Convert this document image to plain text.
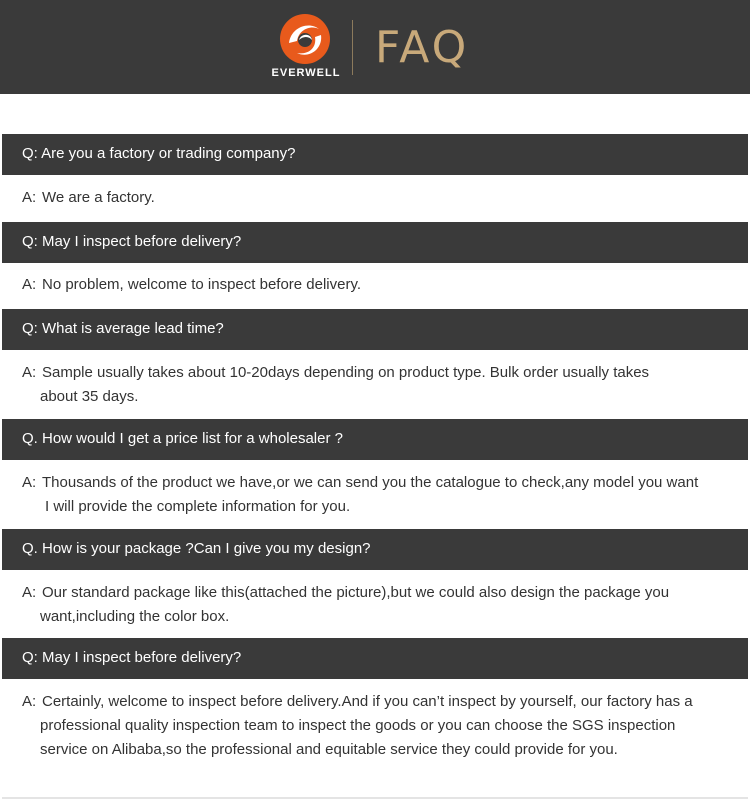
EVERWELL FAQ
Q: Are you a factory or trading company?
A: We are a factory.
Q: May I inspect before delivery?
A: No problem, welcome to inspect before delivery.
Q: What is average lead time?
A: Sample usually takes about 10-20days depending on product type. Bulk order usually takes
about 35 days.
Q. How would I get a price list for a wholesaler ?
A: Thousands of the product we have,or we can send you the catalogue to check,any model you want
I will provide the complete information for you.
Q. How is your package ?Can I give you my design?
A: Our standard package like this(attached the picture),but we could also design the package you
want,including the color box.
Q: May I inspect before delivery?
A: Certainly, welcome to inspect before delivery.And if you can’t inspect by yourself, our factory has a
professional quality inspection team to inspect the goods or you can choose the SGS inspection
service on Alibaba,so the professional and equitable service they could provide for you.
